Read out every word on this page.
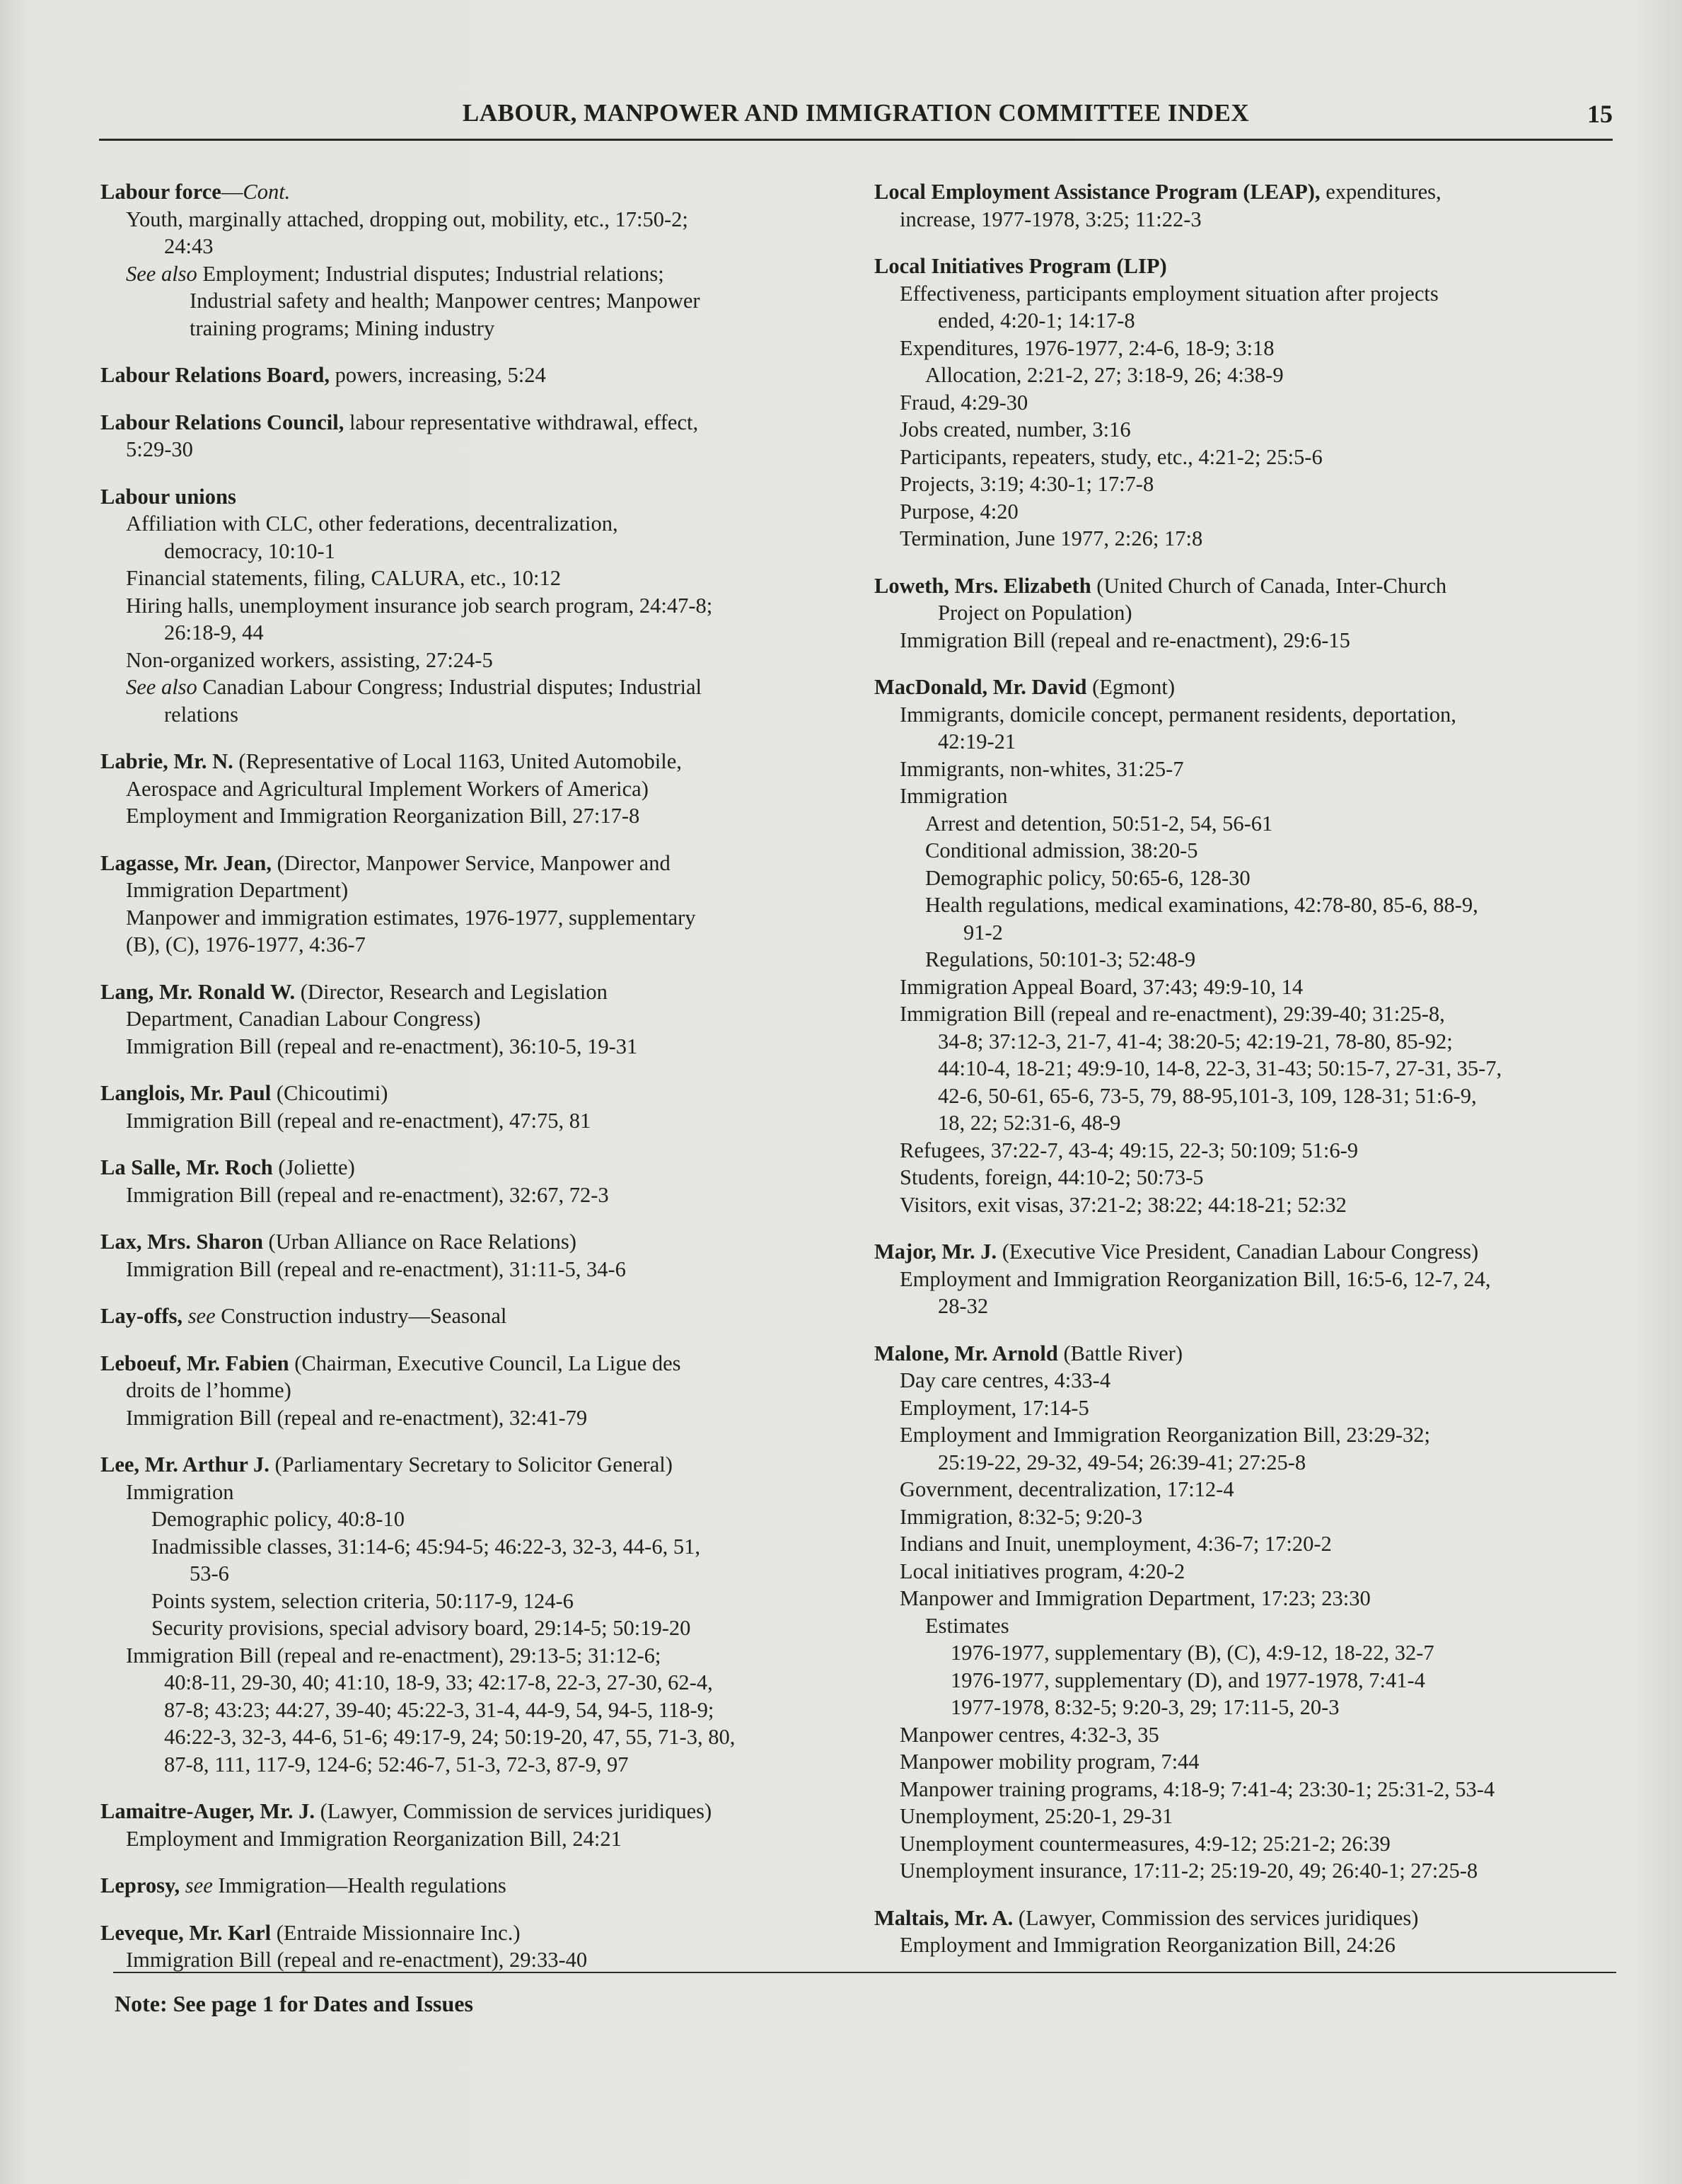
LABOUR, MANPOWER AND IMMIGRATION COMMITTEE INDEX	15
Labour force—Cont.
Youth, marginally attached, dropping out, mobility, etc., 17:50-2;
24:43
See also Employment; Industrial disputes; Industrial relations;
Industrial safety and health; Manpower centres; Manpower
training programs; Mining industry
Labour Relations Board, powers, increasing, 5:24
Labour Relations Council, labour representative withdrawal, effect,
5:29-30
Labour unions
Affiliation with CLC, other federations, decentralization,
democracy, 10:10-1
Financial statements, filing, CALURA, etc., 10:12
Hiring halls, unemployment insurance job search program, 24:47-8;
26:18-9, 44
Non-organized workers, assisting, 27:24-5
See also Canadian Labour Congress; Industrial disputes; Industrial
relations
Labrie, Mr. N. (Representative of Local 1163, United Automobile,
Aerospace and Agricultural Implement Workers of America)
Employment and Immigration Reorganization Bill, 27:17-8
Lagasse, Mr. Jean, (Director, Manpower Service, Manpower and
Immigration Department)
Manpower and immigration estimates, 1976-1977, supplementary
(B), (C), 1976-1977, 4:36-7
Lang, Mr. Ronald W. (Director, Research and Legislation
Department, Canadian Labour Congress)
Immigration Bill (repeal and re-enactment), 36:10-5, 19-31
Langlois, Mr. Paul (Chicoutimi)
Immigration Bill (repeal and re-enactment), 47:75, 81
La Salle, Mr. Roch (Joliette)
Immigration Bill (repeal and re-enactment), 32:67, 72-3
Lax, Mrs. Sharon (Urban Alliance on Race Relations)
Immigration Bill (repeal and re-enactment), 31:11-5, 34-6
Lay-offs, see Construction industry—Seasonal
Leboeuf, Mr. Fabien (Chairman, Executive Council, La Ligue des
droits de l’homme)
Immigration Bill (repeal and re-enactment), 32:41-79
Lee, Mr. Arthur J. (Parliamentary Secretary to Solicitor General)
Immigration
Demographic policy, 40:8-10
Inadmissible classes, 31:14-6; 45:94-5; 46:22-3, 32-3, 44-6, 51,
53-6
Points system, selection criteria, 50:117-9, 124-6
Security provisions, special advisory board, 29:14-5; 50:19-20
Immigration Bill (repeal and re-enactment), 29:13-5; 31:12-6;
40:8-11, 29-30, 40; 41:10, 18-9, 33; 42:17-8, 22-3, 27-30, 62-4,
87-8; 43:23; 44:27, 39-40; 45:22-3, 31-4, 44-9, 54, 94-5, 118-9;
46:22-3, 32-3, 44-6, 51-6; 49:17-9, 24; 50:19-20, 47, 55, 71-3, 80,
87-8, 111, 117-9, 124-6; 52:46-7, 51-3, 72-3, 87-9, 97
Lamaitre-Auger, Mr. J. (Lawyer, Commission de services juridiques)
Employment and Immigration Reorganization Bill, 24:21
Leprosy, see Immigration—Health regulations
Leveque, Mr. Karl (Entraide Missionnaire Inc.)
Immigration Bill (repeal and re-enactment), 29:33-40
Local Employment Assistance Program (LEAP), expenditures,
increase, 1977-1978, 3:25; 11:22-3
Local Initiatives Program (LIP)
Effectiveness, participants employment situation after projects
ended, 4:20-1; 14:17-8
Expenditures, 1976-1977, 2:4-6, 18-9; 3:18
Allocation, 2:21-2, 27; 3:18-9, 26; 4:38-9
Fraud, 4:29-30
Jobs created, number, 3:16
Participants, repeaters, study, etc., 4:21-2; 25:5-6
Projects, 3:19; 4:30-1; 17:7-8
Purpose, 4:20
Termination, June 1977, 2:26; 17:8
Loweth, Mrs. Elizabeth (United Church of Canada, Inter-Church
Project on Population)
Immigration Bill (repeal and re-enactment), 29:6-15
MacDonald, Mr. David (Egmont)
Immigrants, domicile concept, permanent residents, deportation,
42:19-21
Immigrants, non-whites, 31:25-7
Immigration
Arrest and detention, 50:51-2, 54, 56-61
Conditional admission, 38:20-5
Demographic policy, 50:65-6, 128-30
Health regulations, medical examinations, 42:78-80, 85-6, 88-9,
91-2
Regulations, 50:101-3; 52:48-9
Immigration Appeal Board, 37:43; 49:9-10, 14
Immigration Bill (repeal and re-enactment), 29:39-40; 31:25-8,
34-8; 37:12-3, 21-7, 41-4; 38:20-5; 42:19-21, 78-80, 85-92;
44:10-4, 18-21; 49:9-10, 14-8, 22-3, 31-43; 50:15-7, 27-31, 35-7,
42-6, 50-61, 65-6, 73-5, 79, 88-95,101-3, 109, 128-31; 51:6-9,
18, 22; 52:31-6, 48-9
Refugees, 37:22-7, 43-4; 49:15, 22-3; 50:109; 51:6-9
Students, foreign, 44:10-2; 50:73-5
Visitors, exit visas, 37:21-2; 38:22; 44:18-21; 52:32
Major, Mr. J. (Executive Vice President, Canadian Labour Congress)
Employment and Immigration Reorganization Bill, 16:5-6, 12-7, 24,
28-32
Malone, Mr. Arnold (Battle River)
Day care centres, 4:33-4
Employment, 17:14-5
Employment and Immigration Reorganization Bill, 23:29-32;
25:19-22, 29-32, 49-54; 26:39-41; 27:25-8
Government, decentralization, 17:12-4
Immigration, 8:32-5; 9:20-3
Indians and Inuit, unemployment, 4:36-7; 17:20-2
Local initiatives program, 4:20-2
Manpower and Immigration Department, 17:23; 23:30
Estimates
1976-1977, supplementary (B), (C), 4:9-12, 18-22, 32-7
1976-1977, supplementary (D), and 1977-1978, 7:41-4
1977-1978, 8:32-5; 9:20-3, 29; 17:11-5, 20-3
Manpower centres, 4:32-3, 35
Manpower mobility program, 7:44
Manpower training programs, 4:18-9; 7:41-4; 23:30-1; 25:31-2, 53-4
Unemployment, 25:20-1, 29-31
Unemployment countermeasures, 4:9-12; 25:21-2; 26:39
Unemployment insurance, 17:11-2; 25:19-20, 49; 26:40-1; 27:25-8
Maltais, Mr. A. (Lawyer, Commission des services juridiques)
Employment and Immigration Reorganization Bill, 24:26
Note: See page 1 for Dates and Issues
